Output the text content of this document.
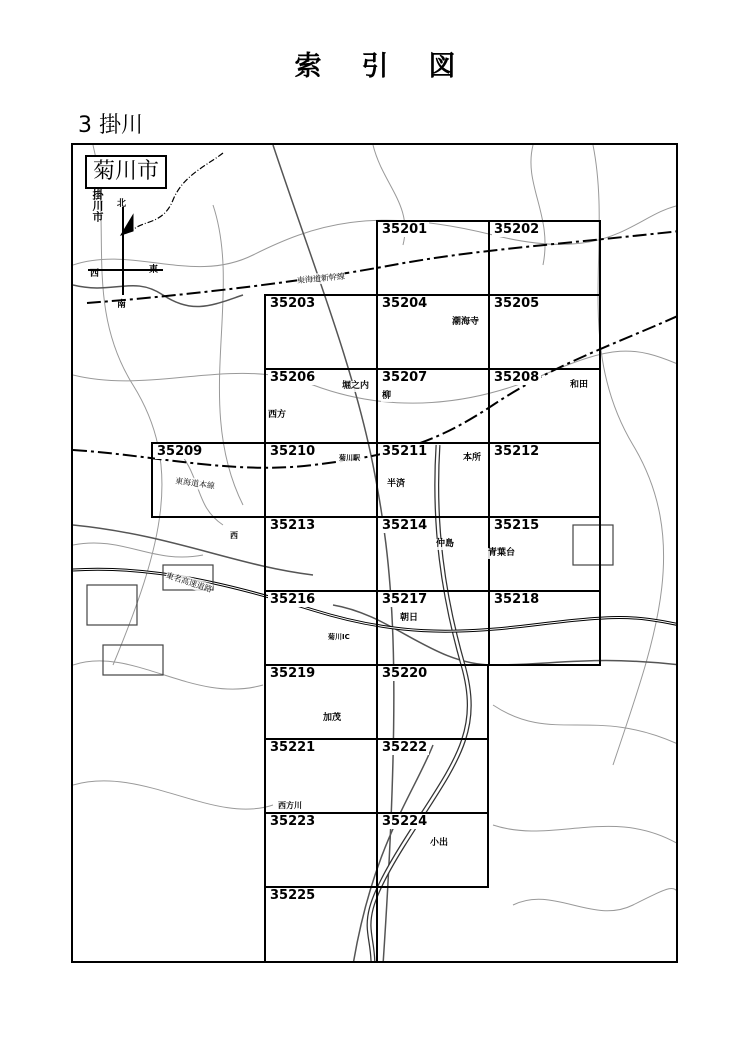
索引図
3 掛川
菊川市
掛川市 北
南
東
西	東海道新幹線
東海道本線
東名高速道路
35201	35202
35203	35204	35205
35206	35207	35208
35209	35210	35211	35212
35213	35214	35215
35216	35217	35218
35219	35220
35221	35222
35223	35224
35225
潮海寺
堀之内
柳
和田
西方
本所
半済
仲島
青葉台
朝日
加茂
小出
菊川駅
菊川IC
西方川
西
